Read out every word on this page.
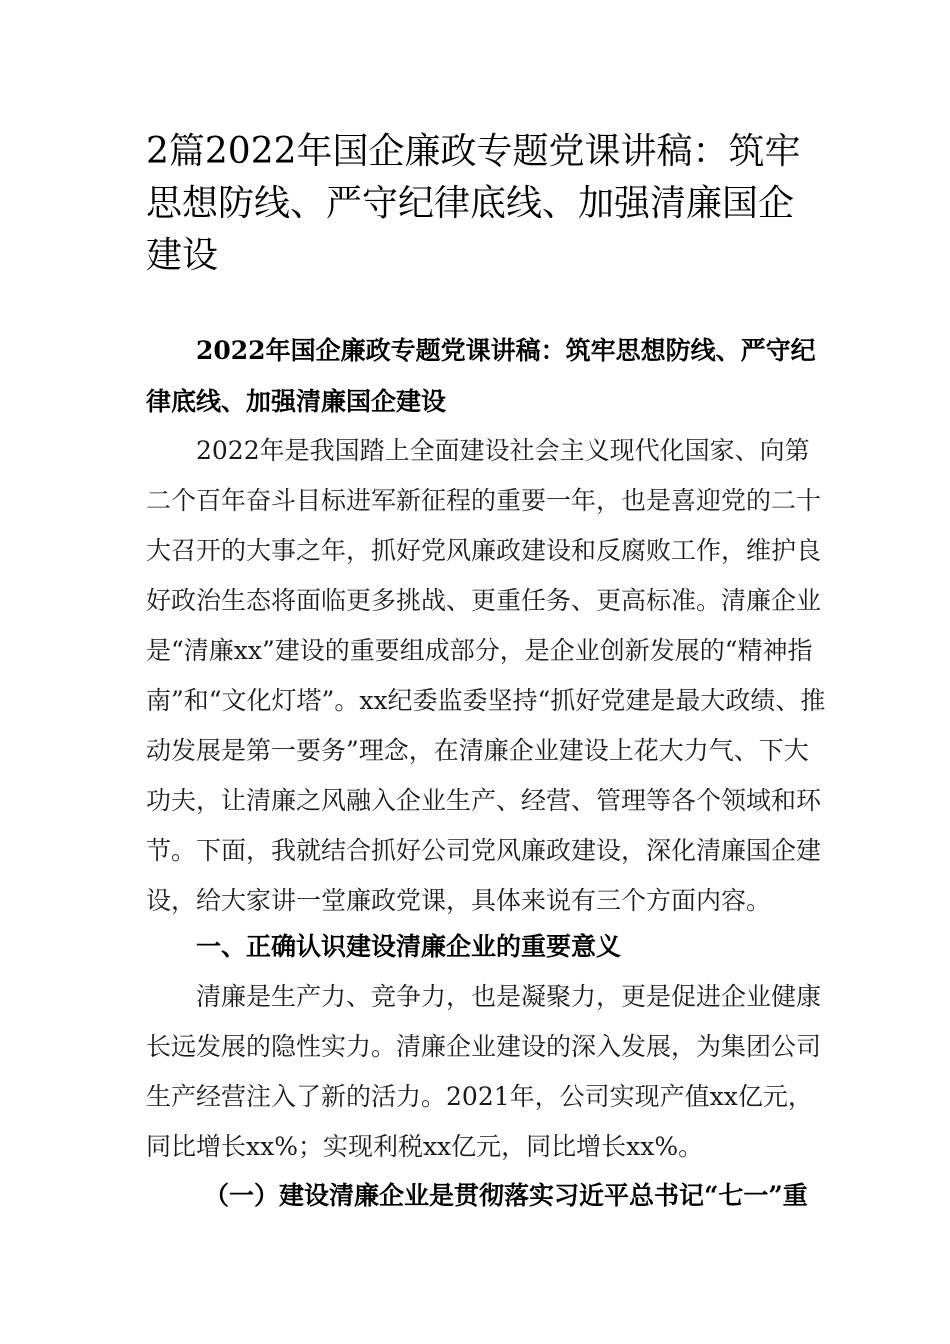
2篇2022年国企廉政专题党课讲稿：筑牢思想防线、严守纪律底线、加强清廉国企建设
2022年国企廉政专题党课讲稿：筑牢思想防线、严守纪律底线、加强清廉国企建设

2022年是我国踏上全面建设社会主义现代化国家、向第二个百年奋斗目标进军新征程的重要一年，也是喜迎党的二十大召开的大事之年，抓好党风廉政建设和反腐败工作，维护良好政治生态将面临更多挑战、更重任务、更高标准。清廉企业是“清廉xx”建设的重要组成部分，是企业创新发展的“精神指南”和“文化灯塔”。xx纪委监委坚持“抓好党建是最大政绩、推动发展是第一要务”理念，在清廉企业建设上花大力气、下大功夫，让清廉之风融入企业生产、经营、管理等各个领域和环节。下面，我就结合抓好公司党风廉政建设，深化清廉国企建设，给大家讲一堂廉政党课，具体来说有三个方面内容。

一、正确认识建设清廉企业的重要意义

清廉是生产力、竞争力，也是凝聚力，更是促进企业健康长远发展的隐性实力。清廉企业建设的深入发展，为集团公司生产经营注入了新的活力。2021年，公司实现产值xx亿元，同比增长xx%；实现利税xx亿元，同比增长xx%。

（一）建设清廉企业是贯彻落实习近平总书记“七一”重
